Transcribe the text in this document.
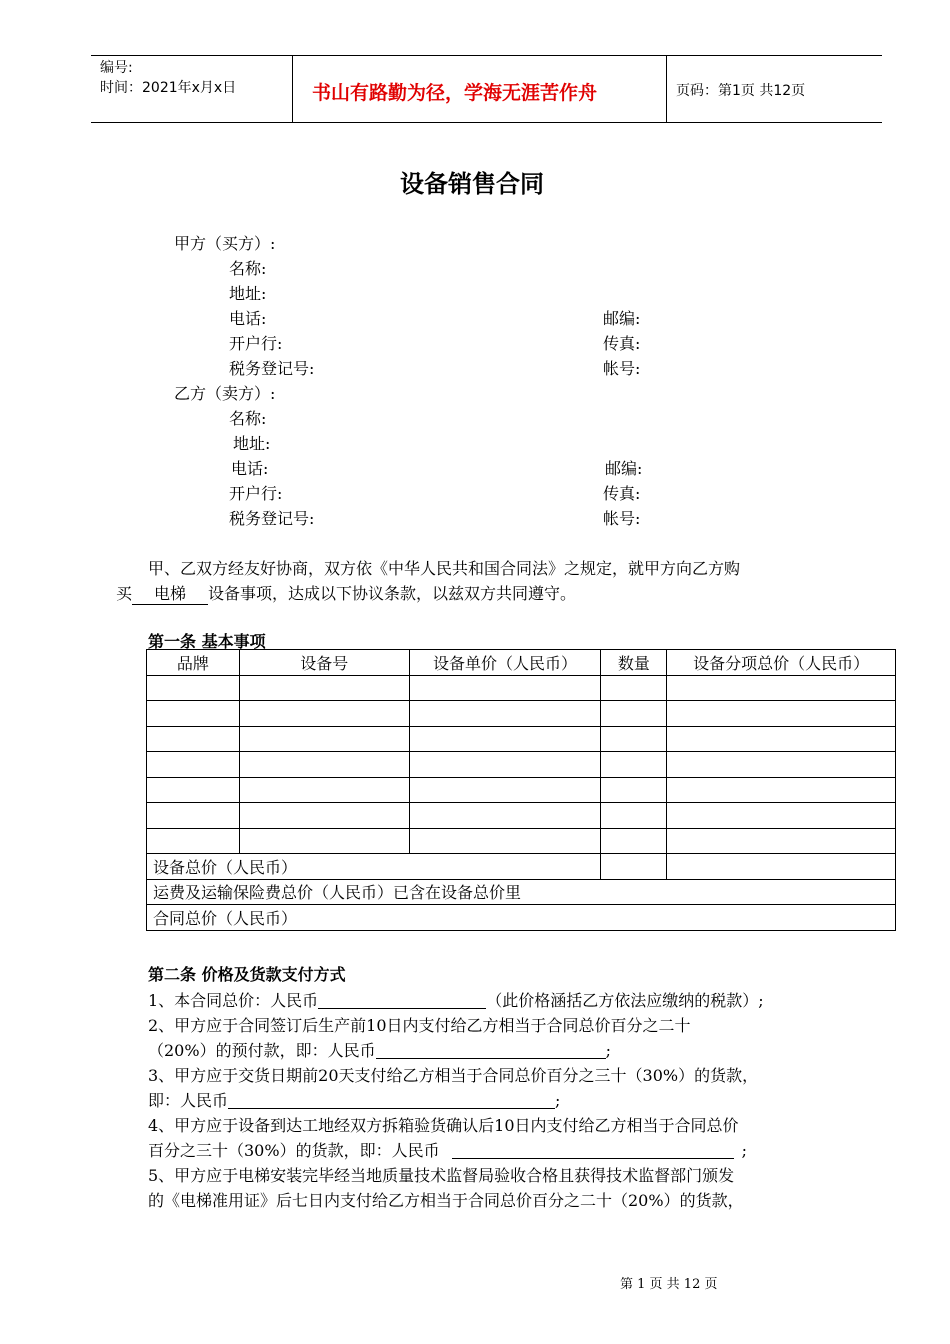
编号:
时间：2021年x月x日	书山有路勤为径，学海无涯苦作舟	页码：第1页 共12页
设备销售合同
甲方（买方）:
名称:
地址:
电话:	邮编:
开户行:	传真:
税务登记号:	帐号:
乙方（卖方）:
名称:
地址:
电话:	邮编:
开户行:	传真:
税务登记号:	帐号:
甲、乙双方经友好协商，双方依《中华人民共和国合同法》之规定，就甲方向乙方购
买 电梯 设备事项，达成以下协议条款，以兹双方共同遵守。
第一条 基本事项
品牌	设备号	设备单价（人民币）	数量	设备分项总价（人民币）

设备总价（人民币）				
运费及运输保险费总价（人民币）已含在设备总价里				
合同总价（人民币）				
第二条 价格及货款支付方式
1、本合同总价：人民币	（此价格涵括乙方依法应缴纳的税款）;
2、甲方应于合同签订后生产前10日内支付给乙方相当于合同总价百分之二十
（20%）的预付款，即：人民币	;
3、甲方应于交货日期前20天支付给乙方相当于合同总价百分之三十（30%）的货款，
即：人民币	;
4、甲方应于设备到达工地经双方拆箱验货确认后10日内支付给乙方相当于合同总价
百分之三十（30%）的货款，即：人民币	;
5、甲方应于电梯安装完毕经当地质量技术监督局验收合格且获得技术监督部门颁发
的《电梯准用证》后七日内支付给乙方相当于合同总价百分之二十（20%）的货款，
第 1 页 共 12 页
